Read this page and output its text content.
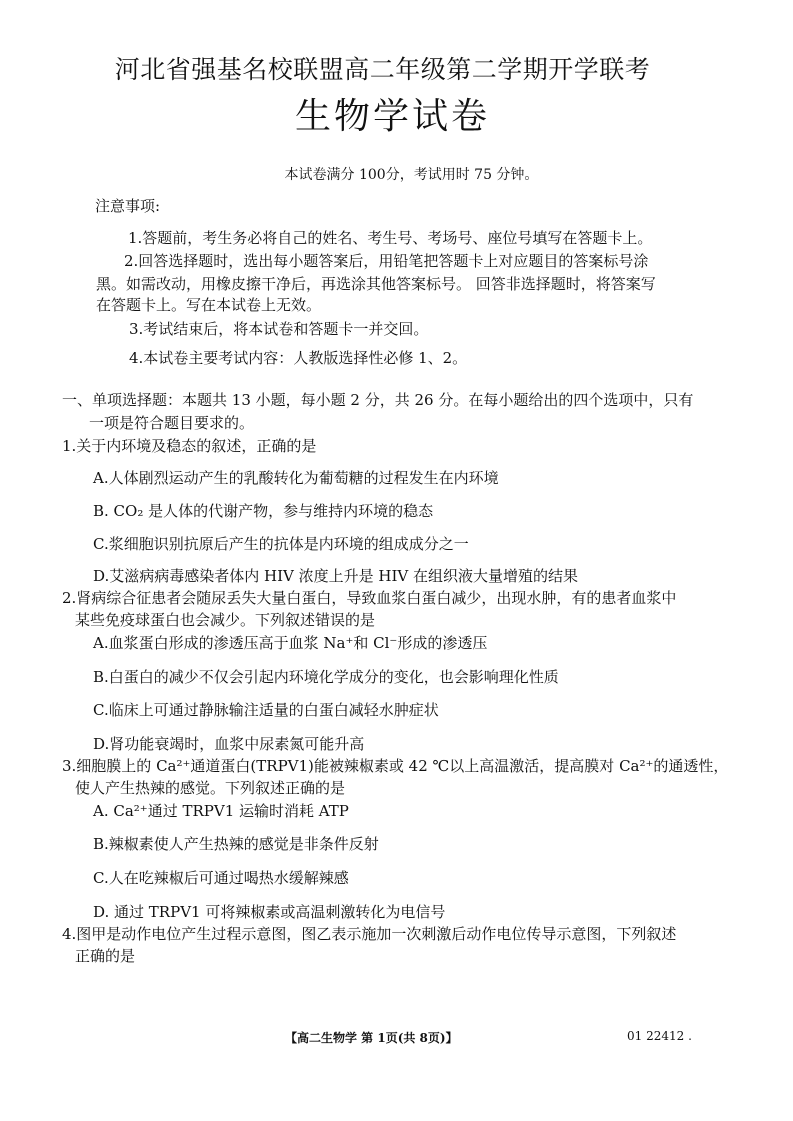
河北省强基名校联盟高二年级第二学期开学联考
生物学试卷
本试卷满分 100分，考试用时 75 分钟。
注意事项:
1.答题前，考生务必将自己的姓名、考生号、考场号、座位号填写在答题卡上。
2.回答选择题时，选出每小题答案后，用铅笔把答题卡上对应题目的答案标号涂
黑。如需改动，用橡皮擦干净后，再选涂其他答案标号。 回答非选择题时，将答案写
在答题卡上。写在本试卷上无效。
3.考试结束后，将本试卷和答题卡一并交回。
4.本试卷主要考试内容：人教版选择性必修 1、2。
一、单项选择题：本题共 13 小题，每小题 2 分，共 26 分。在每小题给出的四个选项中，只有
一项是符合题目要求的。
1.关于内环境及稳态的叙述，正确的是
A.人体剧烈运动产生的乳酸转化为葡萄糖的过程发生在内环境
B. CO₂ 是人体的代谢产物，参与维持内环境的稳态
C.浆细胞识别抗原后产生的抗体是内环境的组成成分之一
D.艾滋病病毒感染者体内 HIV 浓度上升是 HIV 在组织液大量增殖的结果
2.肾病综合征患者会随尿丢失大量白蛋白，导致血浆白蛋白减少，出现水肿，有的患者血浆中
某些免疫球蛋白也会减少。下列叙述错误的是
A.血浆蛋白形成的渗透压高于血浆 Na⁺和 Cl⁻形成的渗透压
B.白蛋白的减少不仅会引起内环境化学成分的变化，也会影响理化性质
C.临床上可通过静脉输注适量的白蛋白减轻水肿症状
D.肾功能衰竭时，血浆中尿素氮可能升高
3.细胞膜上的 Ca²⁺通道蛋白(TRPV1)能被辣椒素或 42 ℃以上高温激活，提高膜对 Ca²⁺的通透性，
使人产生热辣的感觉。下列叙述正确的是
A. Ca²⁺通过 TRPV1 运输时消耗 ATP
B.辣椒素使人产生热辣的感觉是非条件反射
C.人在吃辣椒后可通过喝热水缓解辣感
D. 通过 TRPV1 可将辣椒素或高温刺激转化为电信号
4.图甲是动作电位产生过程示意图，图乙表示施加一次刺激后动作电位传导示意图，下列叙述
正确的是
【高二生物学 第 1页(共 8页)】	01 22412 .
